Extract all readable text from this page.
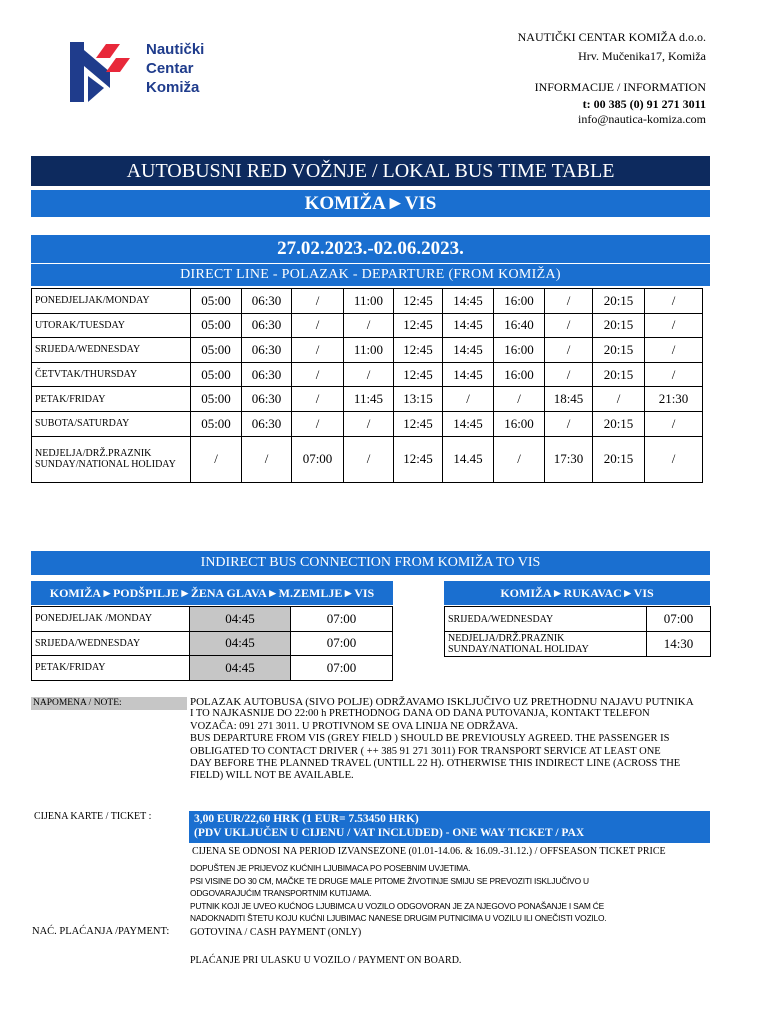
Nautički
Centar
Komiža
NAUTIČKI CENTAR KOMIŽA d.o.o.
Hrv. Mučenika17, Komiža
INFORMACIJE / INFORMATION
t: 00 385 (0) 91 271 3011
info@nautica-komiza.com
AUTOBUSNI RED VOŽNJE / LOKAL BUS TIME TABLE
KOMIŽA►VIS
27.02.2023.-02.06.2023.
DIRECT LINE - POLAZAK - DEPARTURE (FROM KOMIŽA)
PONEDJELJAK/MONDAY	05:00	06:30	/	11:00	12:45	14:45	16:00	/	20:15	/
UTORAK/TUESDAY	05:00	06:30	/	/	12:45	14:45	16:40	/	20:15	/
SRIJEDA/WEDNESDAY	05:00	06:30	/	11:00	12:45	14:45	16:00	/	20:15	/
ČETVTAK/THURSDAY	05:00	06:30	/	/	12:45	14:45	16:00	/	20:15	/
PETAK/FRIDAY	05:00	06:30	/	11:45	13:15	/	/	18:45	/	21:30
SUBOTA/SATURDAY	05:00	06:30	/	/	12:45	14:45	16:00	/	20:15	/
NEDJELJA/DRŽ.PRAZNIK SUNDAY/NATIONAL HOLIDAY	/	/	07:00	/	12:45	14.45	/	17:30	20:15	/
INDIRECT BUS CONNECTION FROM KOMIŽA TO VIS
KOMIŽA►PODŠPILJE►ŽENA GLAVA►M.ZEMLJE►VIS	KOMIŽA►RUKAVAC►VIS
PONEDJELJAK /MONDAY	04:45	07:00
SRIJEDA/WEDNESDAY	04:45	07:00
PETAK/FRIDAY	04:45	07:00
SRIJEDA/WEDNESDAY	07:00
NEDJELJA/DRŽ.PRAZNIK SUNDAY/NATIONAL HOLIDAY	14:30
NAPOMENA / NOTE:	POLAZAK AUTOBUSA (SIVO POLJE) ODRŽAVAMO ISKLJUČIVO UZ PRETHODNU NAJAVU PUTNIKA
I TO NAJKASNIJE DO 22:00 h PRETHODNOG DANA OD DANA PUTOVANJA, KONTAKT TELEFON
VOZAČA: 091 271 3011. U PROTIVNOM SE OVA LINIJA NE ODRŽAVA.
BUS DEPARTURE FROM VIS (GREY FIELD ) SHOULD BE PREVIOUSLY AGREED. THE PASSENGER IS
OBLIGATED TO CONTACT DRIVER ( ++ 385 91 271 3011) FOR TRANSPORT SERVICE AT LEAST ONE
DAY BEFORE THE PLANNED TRAVEL (UNTILL 22 H). OTHERWISE THIS INDIRECT LINE (ACROSS THE
FIELD) WILL NOT BE AVAILABLE.
CIJENA KARTE / TICKET :	3,00 EUR/22,60 HRK (1 EUR= 7.53450 HRK)
(PDV UKLJUČEN U CIJENU / VAT INCLUDED) - ONE WAY TICKET / PAX
CIJENA SE ODNOSI NA PERIOD IZVANSEZONE (01.01-14.06. & 16.09.-31.12.) / OFFSEASON TICKET PRICE
DOPUŠTEN JE PRIJEVOZ KUĆNIH LJUBIMACA PO POSEBNIM UVJETIMA.
PSI VISINE DO 30 CM, MAČKE TE DRUGE MALE PITOME ŽIVOTINJE SMIJU SE PREVOZITI ISKLJUČIVO U
ODGOVARAJUĆIM TRANSPORTNIM KUTIJAMA.
PUTNIK KOJI JE UVEO KUĆNOG LJUBIMCA U VOZILO ODGOVORAN JE ZA NJEGOVO PONAŠANJE I SAM ĆE
NADOKNADITI ŠTETU KOJU KUĆNI LJUBIMAC NANESE DRUGIM PUTNICIMA U VOZILU ILI ONEČISTI VOZILO.
NAĆ. PLAĆANJA /PAYMENT: GOTOVINA / CASH PAYMENT (ONLY)
PLAĆANJE PRI ULASKU U VOZILO / PAYMENT ON BOARD.
